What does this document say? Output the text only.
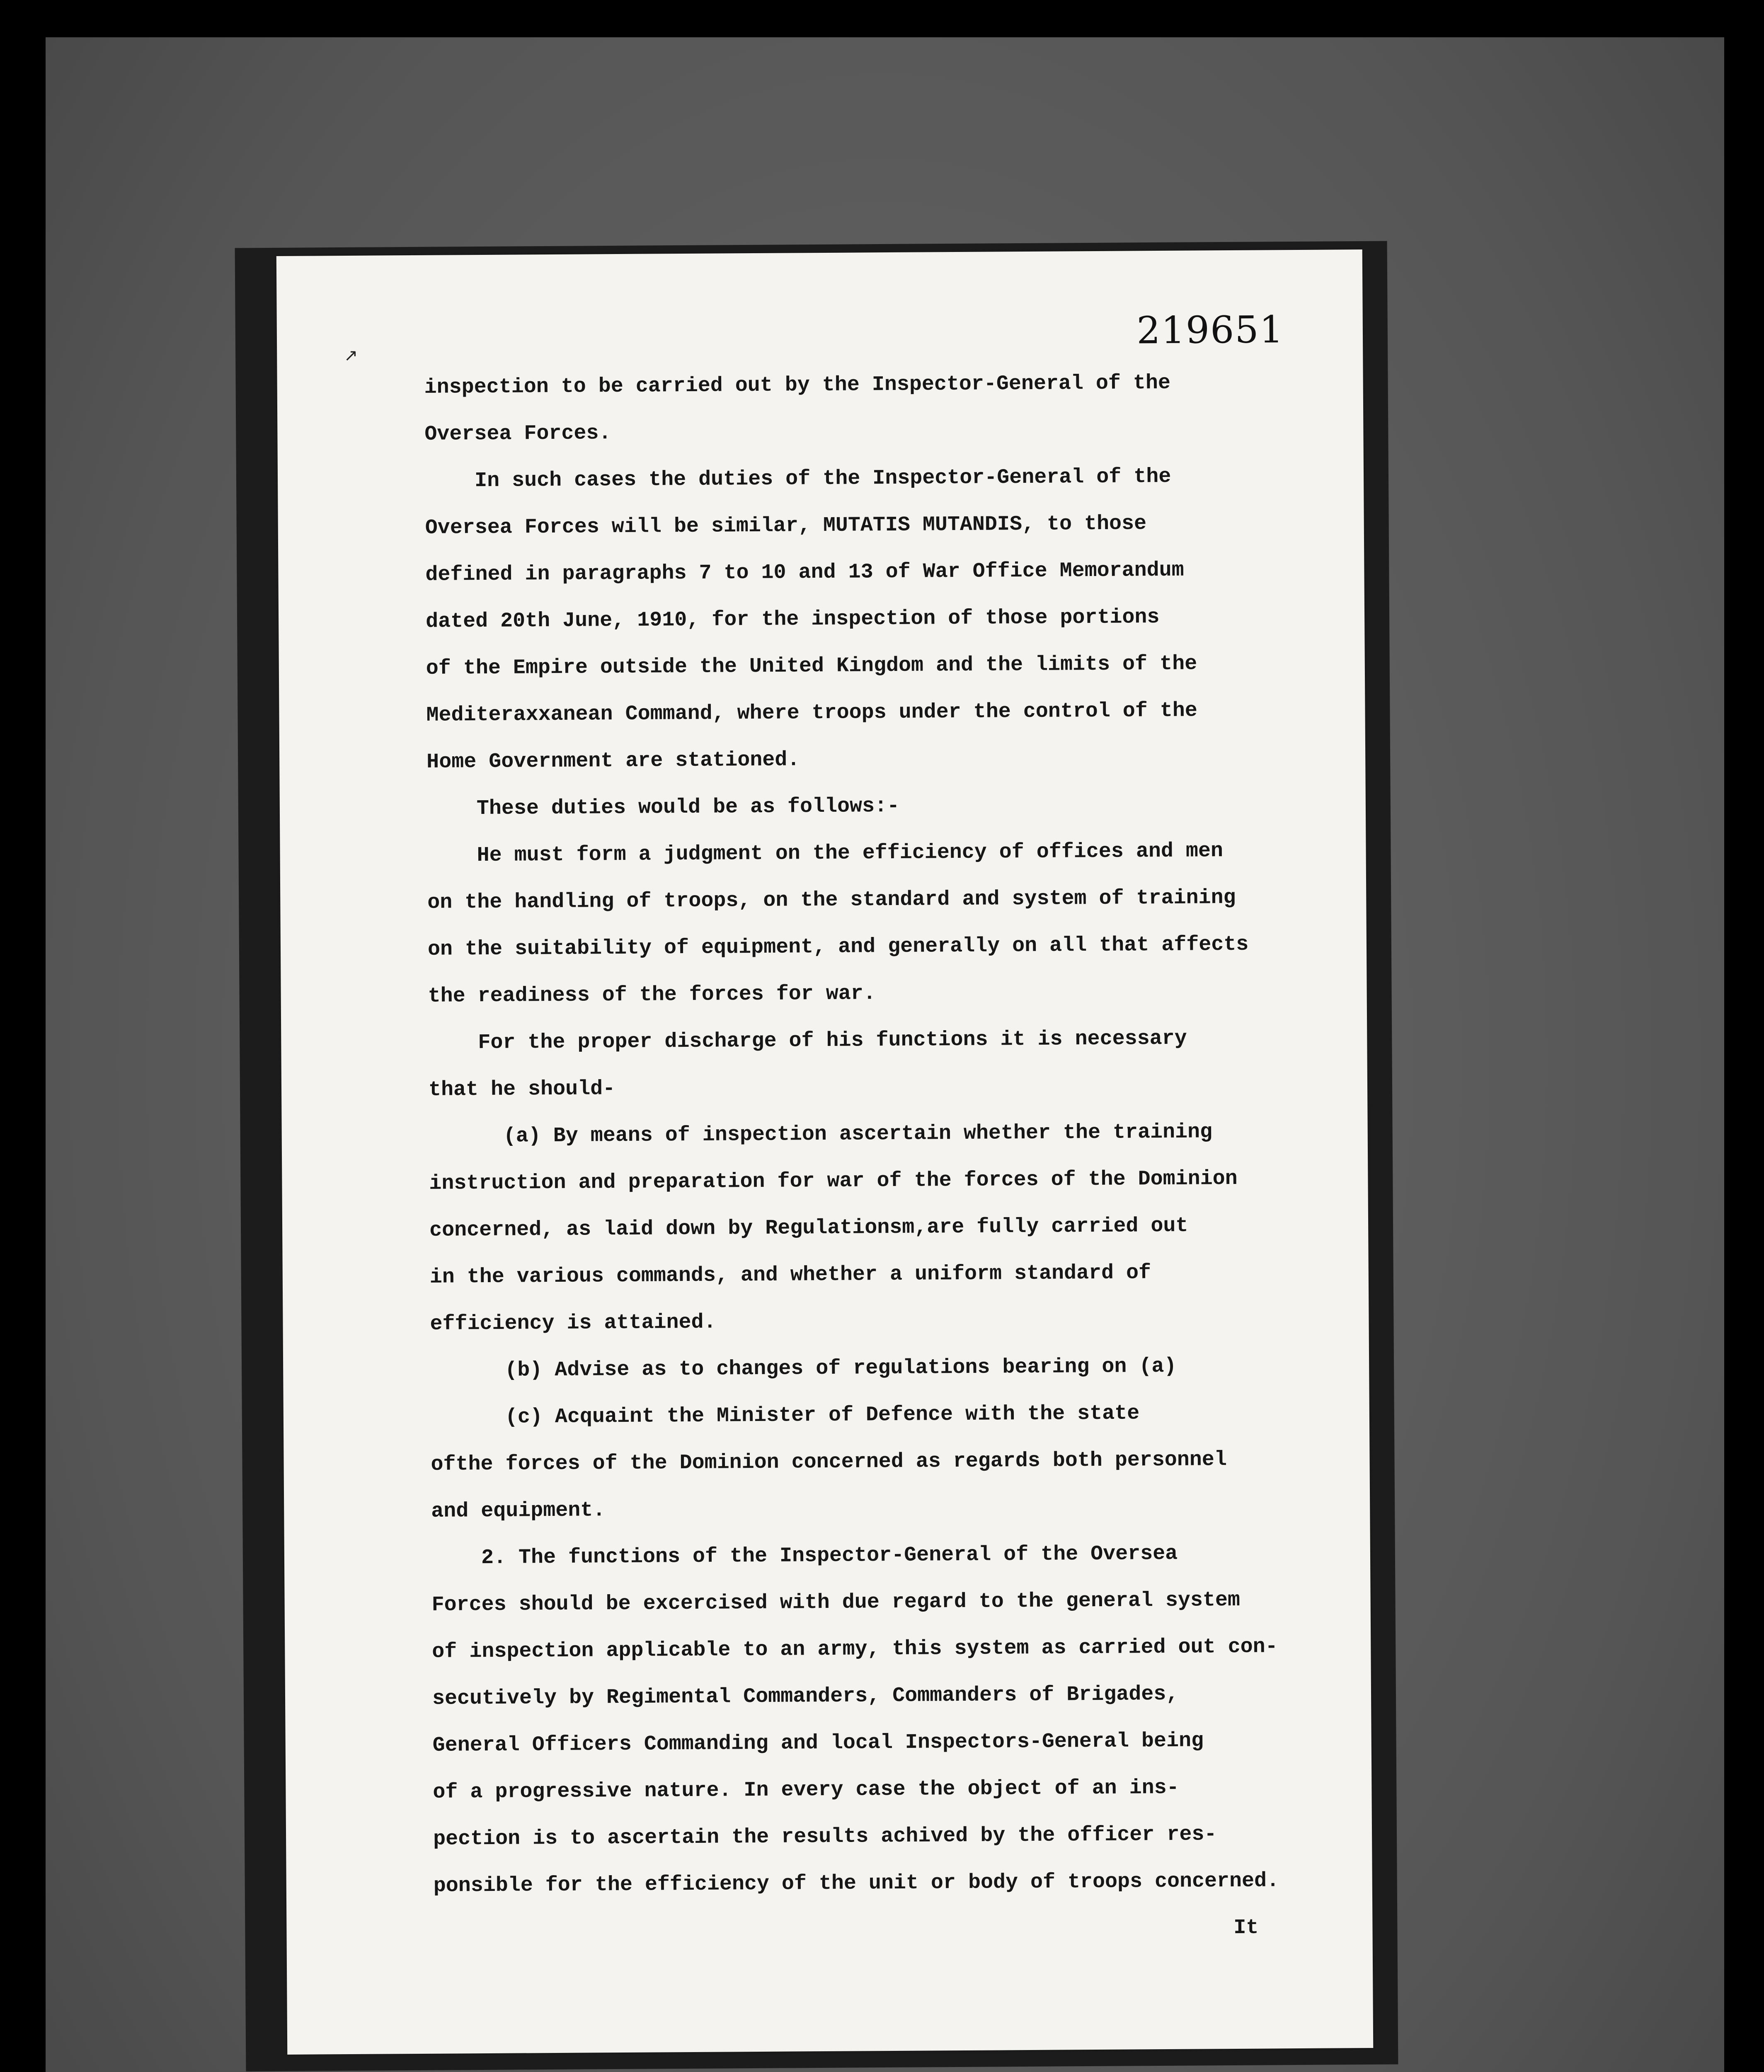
219651
inspection to be carried out by the Inspector-General of the
Oversea Forces.
In such cases the duties of the Inspector-General of the
Oversea Forces will be similar, MUTATIS MUTANDIS, to those
defined in paragraphs 7 to 10 and 13 of War Office Memorandum
dated 20th June, 1910, for the inspection of those portions
of the Empire outside the United Kingdom and the limits of the
Mediteraxxanean Command, where troops under the control of the
Home Government are stationed.
These duties would be as follows:-
He must form a judgment on the efficiency of offices and men
on the handling of troops, on the standard and system of training
on the suitability of equipment, and generally on all that affects
the readiness of the forces for war.
For the proper discharge of his functions it is necessary
that he should-
(a) By means of inspection ascertain whether the training
instruction and preparation for war of the forces of the Dominion
concerned, as laid down by Regulationsm,are fully carried out
in the various commands, and whether a uniform standard of
efficiency is attained.
(b) Advise as to changes of regulations bearing on (a)
(c) Acquaint the Minister of Defence with the state
ofthe forces of the Dominion concerned as regards both personnel
and equipment.
2. The functions of the Inspector-General of the Oversea
Forces should be excercised with due regard to the general system
of inspection applicable to an army, this system as carried out con-
secutively by Regimental Commanders, Commanders of Brigades,
General Officers Commanding and local Inspectors-General being
of a progressive nature. In every case the object of an ins-
pection is to ascertain the results achived by the officer res-
ponsible for the efficiency of the unit or body of troops concerned.
It
↗
